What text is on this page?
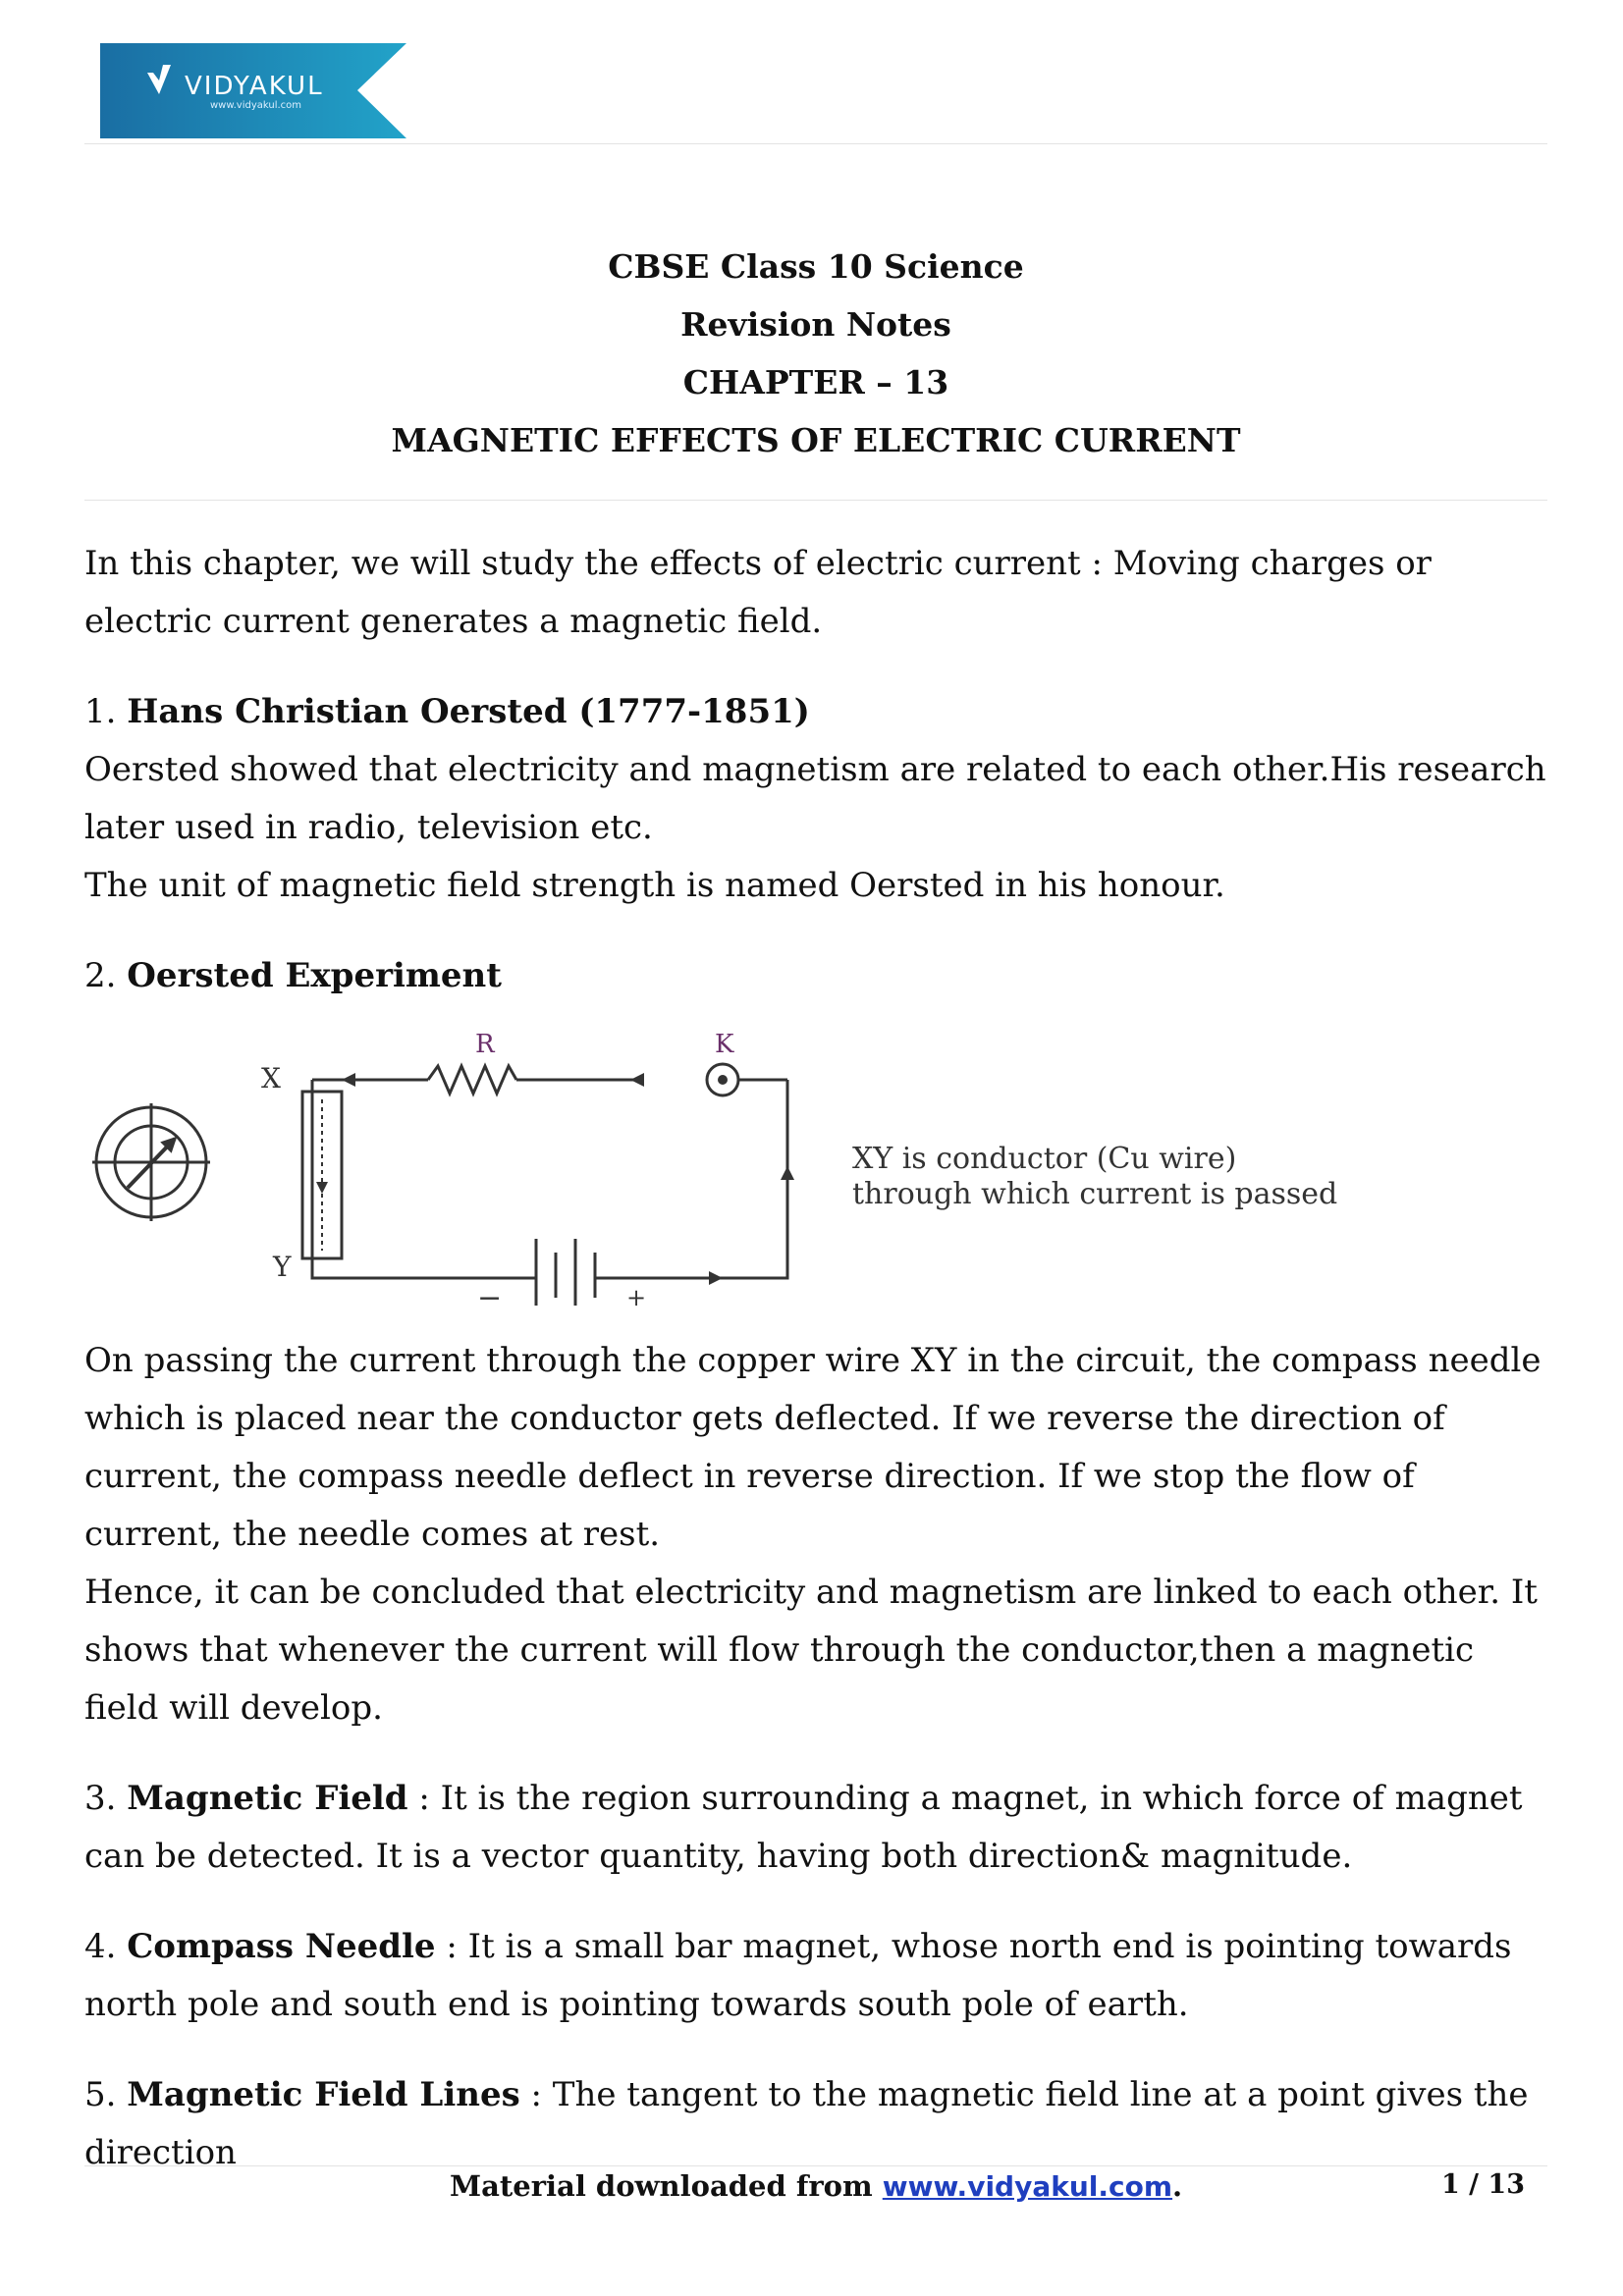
VIDYAKUL
www.vidyakul.com
CBSE Class 10 Science
Revision Notes
CHAPTER – 13
MAGNETIC EFFECTS OF ELECTRIC CURRENT

In this chapter, we will study the effects of electric current : Moving charges or electric current generates a magnetic field.

1. Hans Christian Oersted (1777-1851)

Oersted showed that electricity and magnetism are related to each other.His research later used in radio, television etc.

The unit of magnetic field strength is named Oersted in his honour.

2. Oersted Experiment

R	K
X
Y
−	+
XY is conductor (Cu wire)
through which current is passed

On passing the current through the copper wire XY in the circuit, the compass needle which is placed near the conductor gets deflected. If we reverse the direction of current, the compass needle deflect in reverse direction. If we stop the flow of current, the needle comes at rest.

Hence, it can be concluded that electricity and magnetism are linked to each other. It shows that whenever the current will flow through the conductor,then a magnetic field will develop.

3. Magnetic Field : It is the region surrounding a magnet, in which force of magnet can be detected. It is a vector quantity, having both direction& magnitude.

4. Compass Needle : It is a small bar magnet, whose north end is pointing towards north pole and south end is pointing towards south pole of earth.

5. Magnetic Field Lines : The tangent to the magnetic field line at a point gives the direction

Material downloaded from www.vidyakul.com.	1 / 13
